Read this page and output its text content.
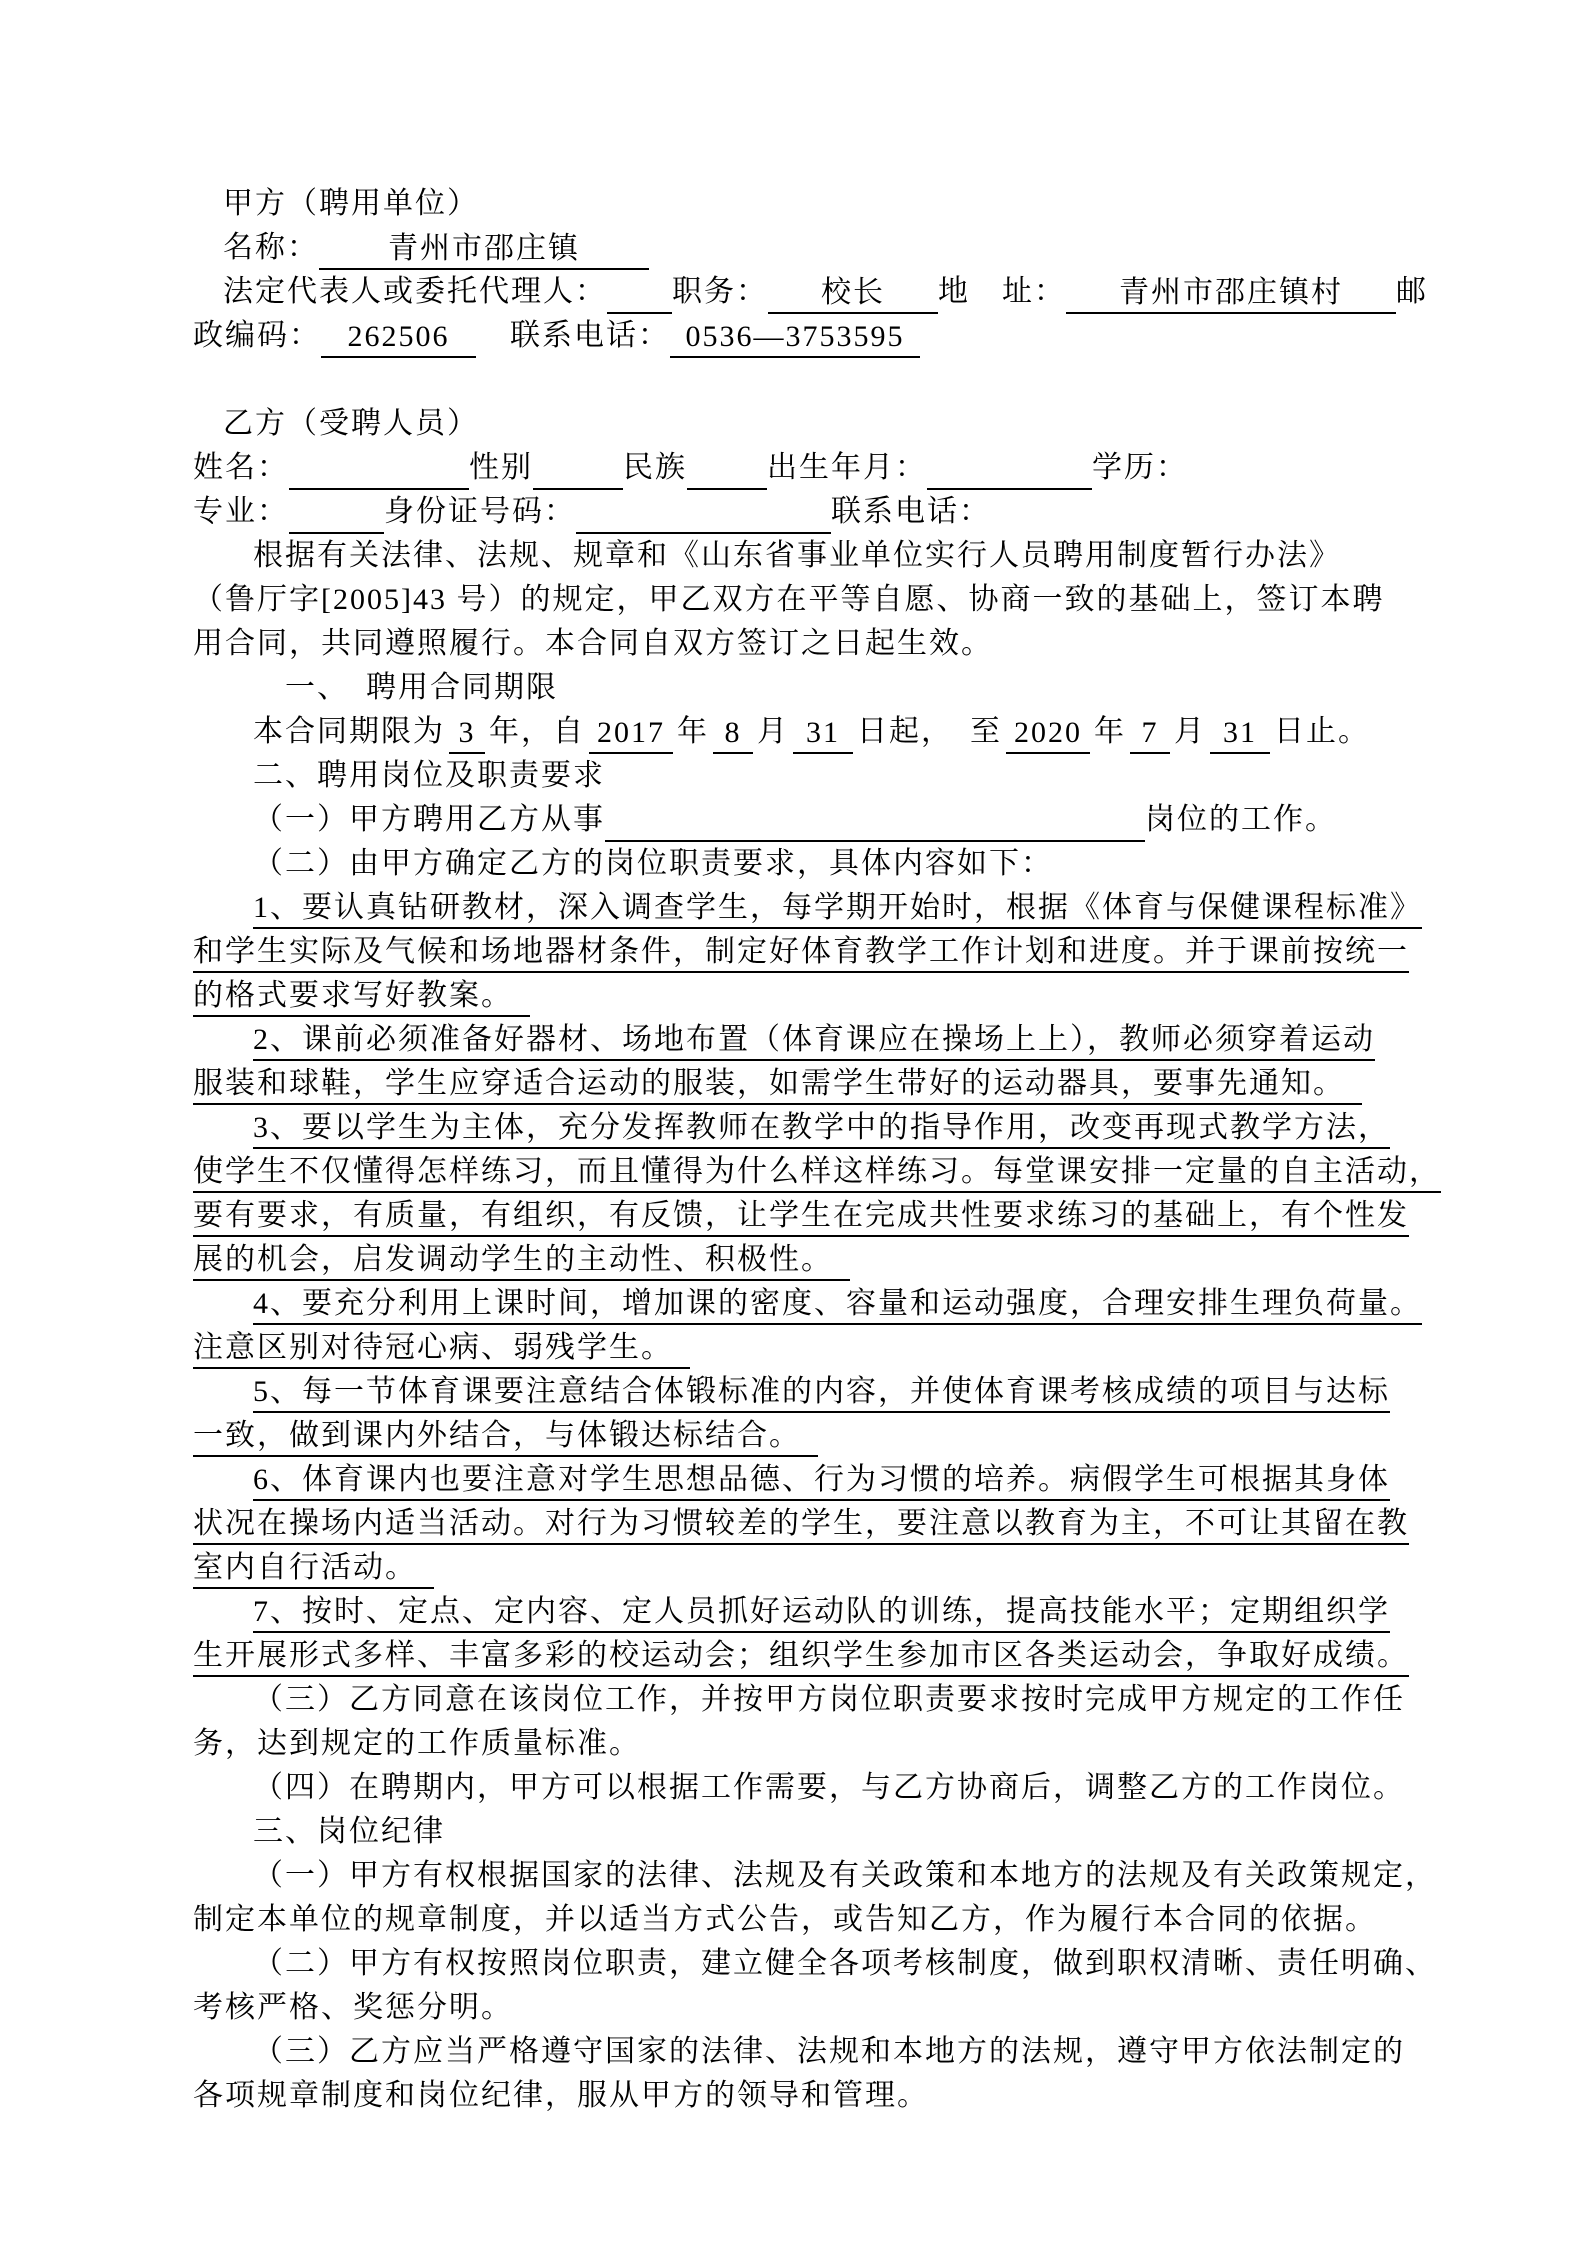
甲方（聘用单位）
名称： 青州市邵庄镇
法定代表人或委托代理人： 职务： 校长 地　址： 青州市邵庄镇村 邮
政编码： 262506 联系电话： 0536—3753595
乙方（受聘人员）
姓名：	性别	民族	出生年月：	学历：
专业：	身份证号码：	联系电话：
根据有关法律、法规、规章和《山东省事业单位实行人员聘用制度暂行办法》
（鲁厅字[2005]43 号）的规定，甲乙双方在平等自愿、协商一致的基础上，签订本聘
用合同，共同遵照履行。本合同自双方签订之日起生效。
一、　聘用合同期限
本合同期限为 3 年，自 2017 年 8 月 31 日起，　至 2020 年 7 月 31 日止。
二、聘用岗位及职责要求
（一）甲方聘用乙方从事	岗位的工作。
（二）由甲方确定乙方的岗位职责要求，具体内容如下：
1、要认真钻研教材，深入调查学生，每学期开始时，根据《体育与保健课程标准》
和学生实际及气候和场地器材条件，制定好体育教学工作计划和进度。并于课前按统一
的格式要求写好教案。　
2、课前必须准备好器材、场地布置（体育课应在操场上上），教师必须穿着运动
服装和球鞋，学生应穿适合运动的服装，如需学生带好的运动器具，要事先通知。　
3、要以学生为主体，充分发挥教师在教学中的指导作用，改变再现式教学方法，
使学生不仅懂得怎样练习，而且懂得为什么样这样练习。每堂课安排一定量的自主活动，
要有要求，有质量，有组织，有反馈，让学生在完成共性要求练习的基础上，有个性发
展的机会，启发调动学生的主动性、积极性。　
4、要充分利用上课时间，增加课的密度、容量和运动强度，合理安排生理负荷量。
注意区别对待冠心病、弱残学生。　
5、每一节体育课要注意结合体锻标准的内容，并使体育课考核成绩的项目与达标
一致，做到课内外结合，与体锻达标结合。　
6、体育课内也要注意对学生思想品德、行为习惯的培养。病假学生可根据其身体
状况在操场内适当活动。对行为习惯较差的学生，要注意以教育为主，不可让其留在教
室内自行活动。　
7、按时、定点、定内容、定人员抓好运动队的训练，提高技能水平；定期组织学
生开展形式多样、丰富多彩的校运动会；组织学生参加市区各类运动会，争取好成绩。
（三）乙方同意在该岗位工作，并按甲方岗位职责要求按时完成甲方规定的工作任
务，达到规定的工作质量标准。
（四）在聘期内，甲方可以根据工作需要，与乙方协商后，调整乙方的工作岗位。
三、岗位纪律
（一）甲方有权根据国家的法律、法规及有关政策和本地方的法规及有关政策规定，
制定本单位的规章制度，并以适当方式公告，或告知乙方，作为履行本合同的依据。
（二）甲方有权按照岗位职责，建立健全各项考核制度，做到职权清晰、责任明确、
考核严格、奖惩分明。
（三）乙方应当严格遵守国家的法律、法规和本地方的法规，遵守甲方依法制定的
各项规章制度和岗位纪律，服从甲方的领导和管理。
